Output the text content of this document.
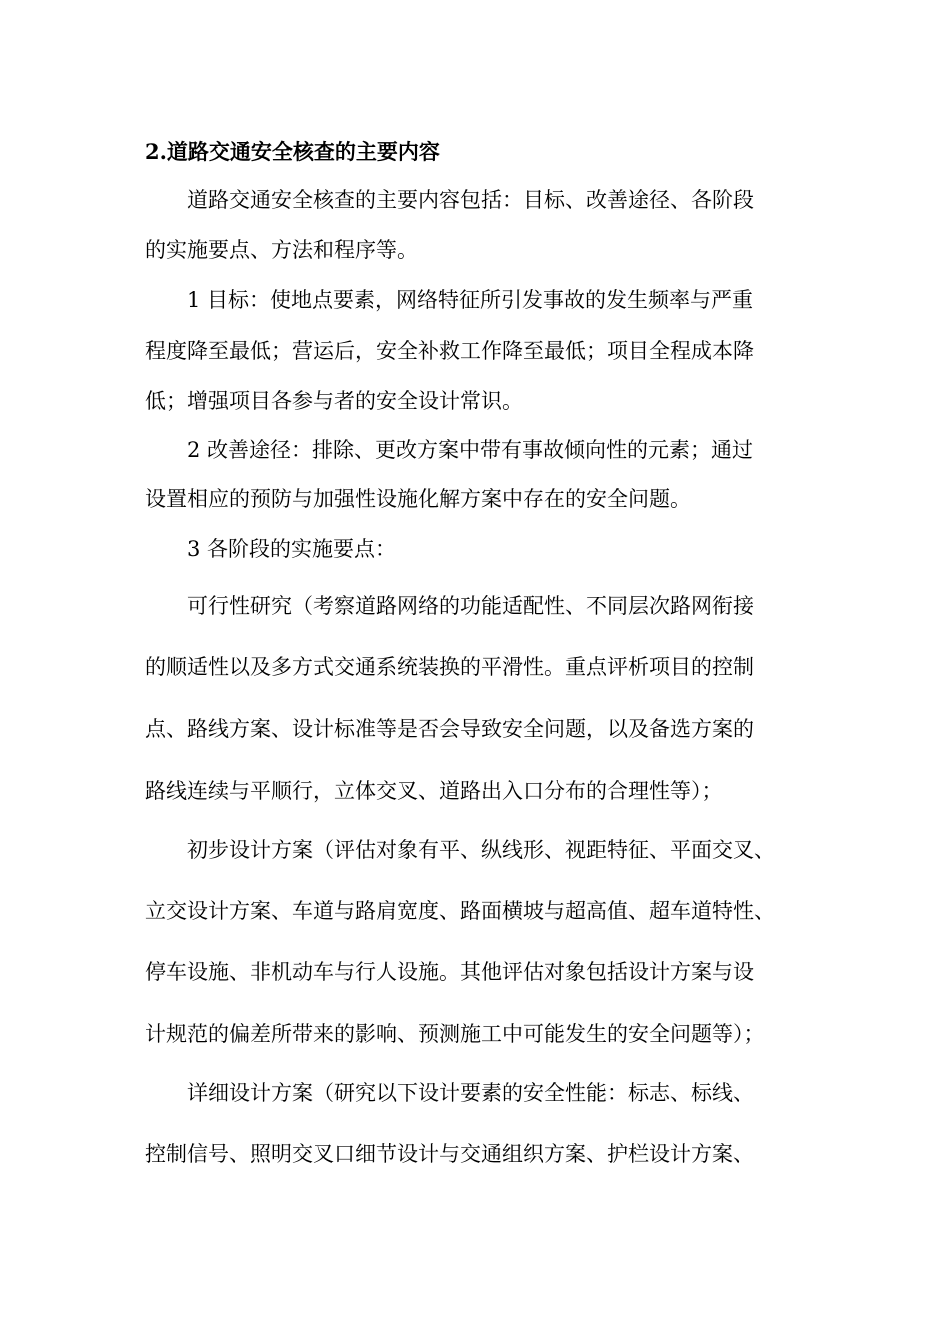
2.道路交通安全核查的主要内容
道路交通安全核查的主要内容包括：目标、改善途径、各阶段
的实施要点、方法和程序等。
1 目标：使地点要素，网络特征所引发事故的发生频率与严重
程度降至最低；营运后，安全补救工作降至最低；项目全程成本降
低；增强项目各参与者的安全设计常识。
2 改善途径：排除、更改方案中带有事故倾向性的元素；通过
设置相应的预防与加强性设施化解方案中存在的安全问题。
3 各阶段的实施要点：
可行性研究（考察道路网络的功能适配性、不同层次路网衔接
的顺适性以及多方式交通系统装换的平滑性。重点评析项目的控制
点、路线方案、设计标准等是否会导致安全问题，以及备选方案的
路线连续与平顺行，立体交叉、道路出入口分布的合理性等）；
初步设计方案（评估对象有平、纵线形、视距特征、平面交叉、
立交设计方案、车道与路肩宽度、路面横坡与超高值、超车道特性、
停车设施、非机动车与行人设施。其他评估对象包括设计方案与设
计规范的偏差所带来的影响、预测施工中可能发生的安全问题等）；
详细设计方案（研究以下设计要素的安全性能：标志、标线、
控制信号、照明交叉口细节设计与交通组织方案、护栏设计方案、
